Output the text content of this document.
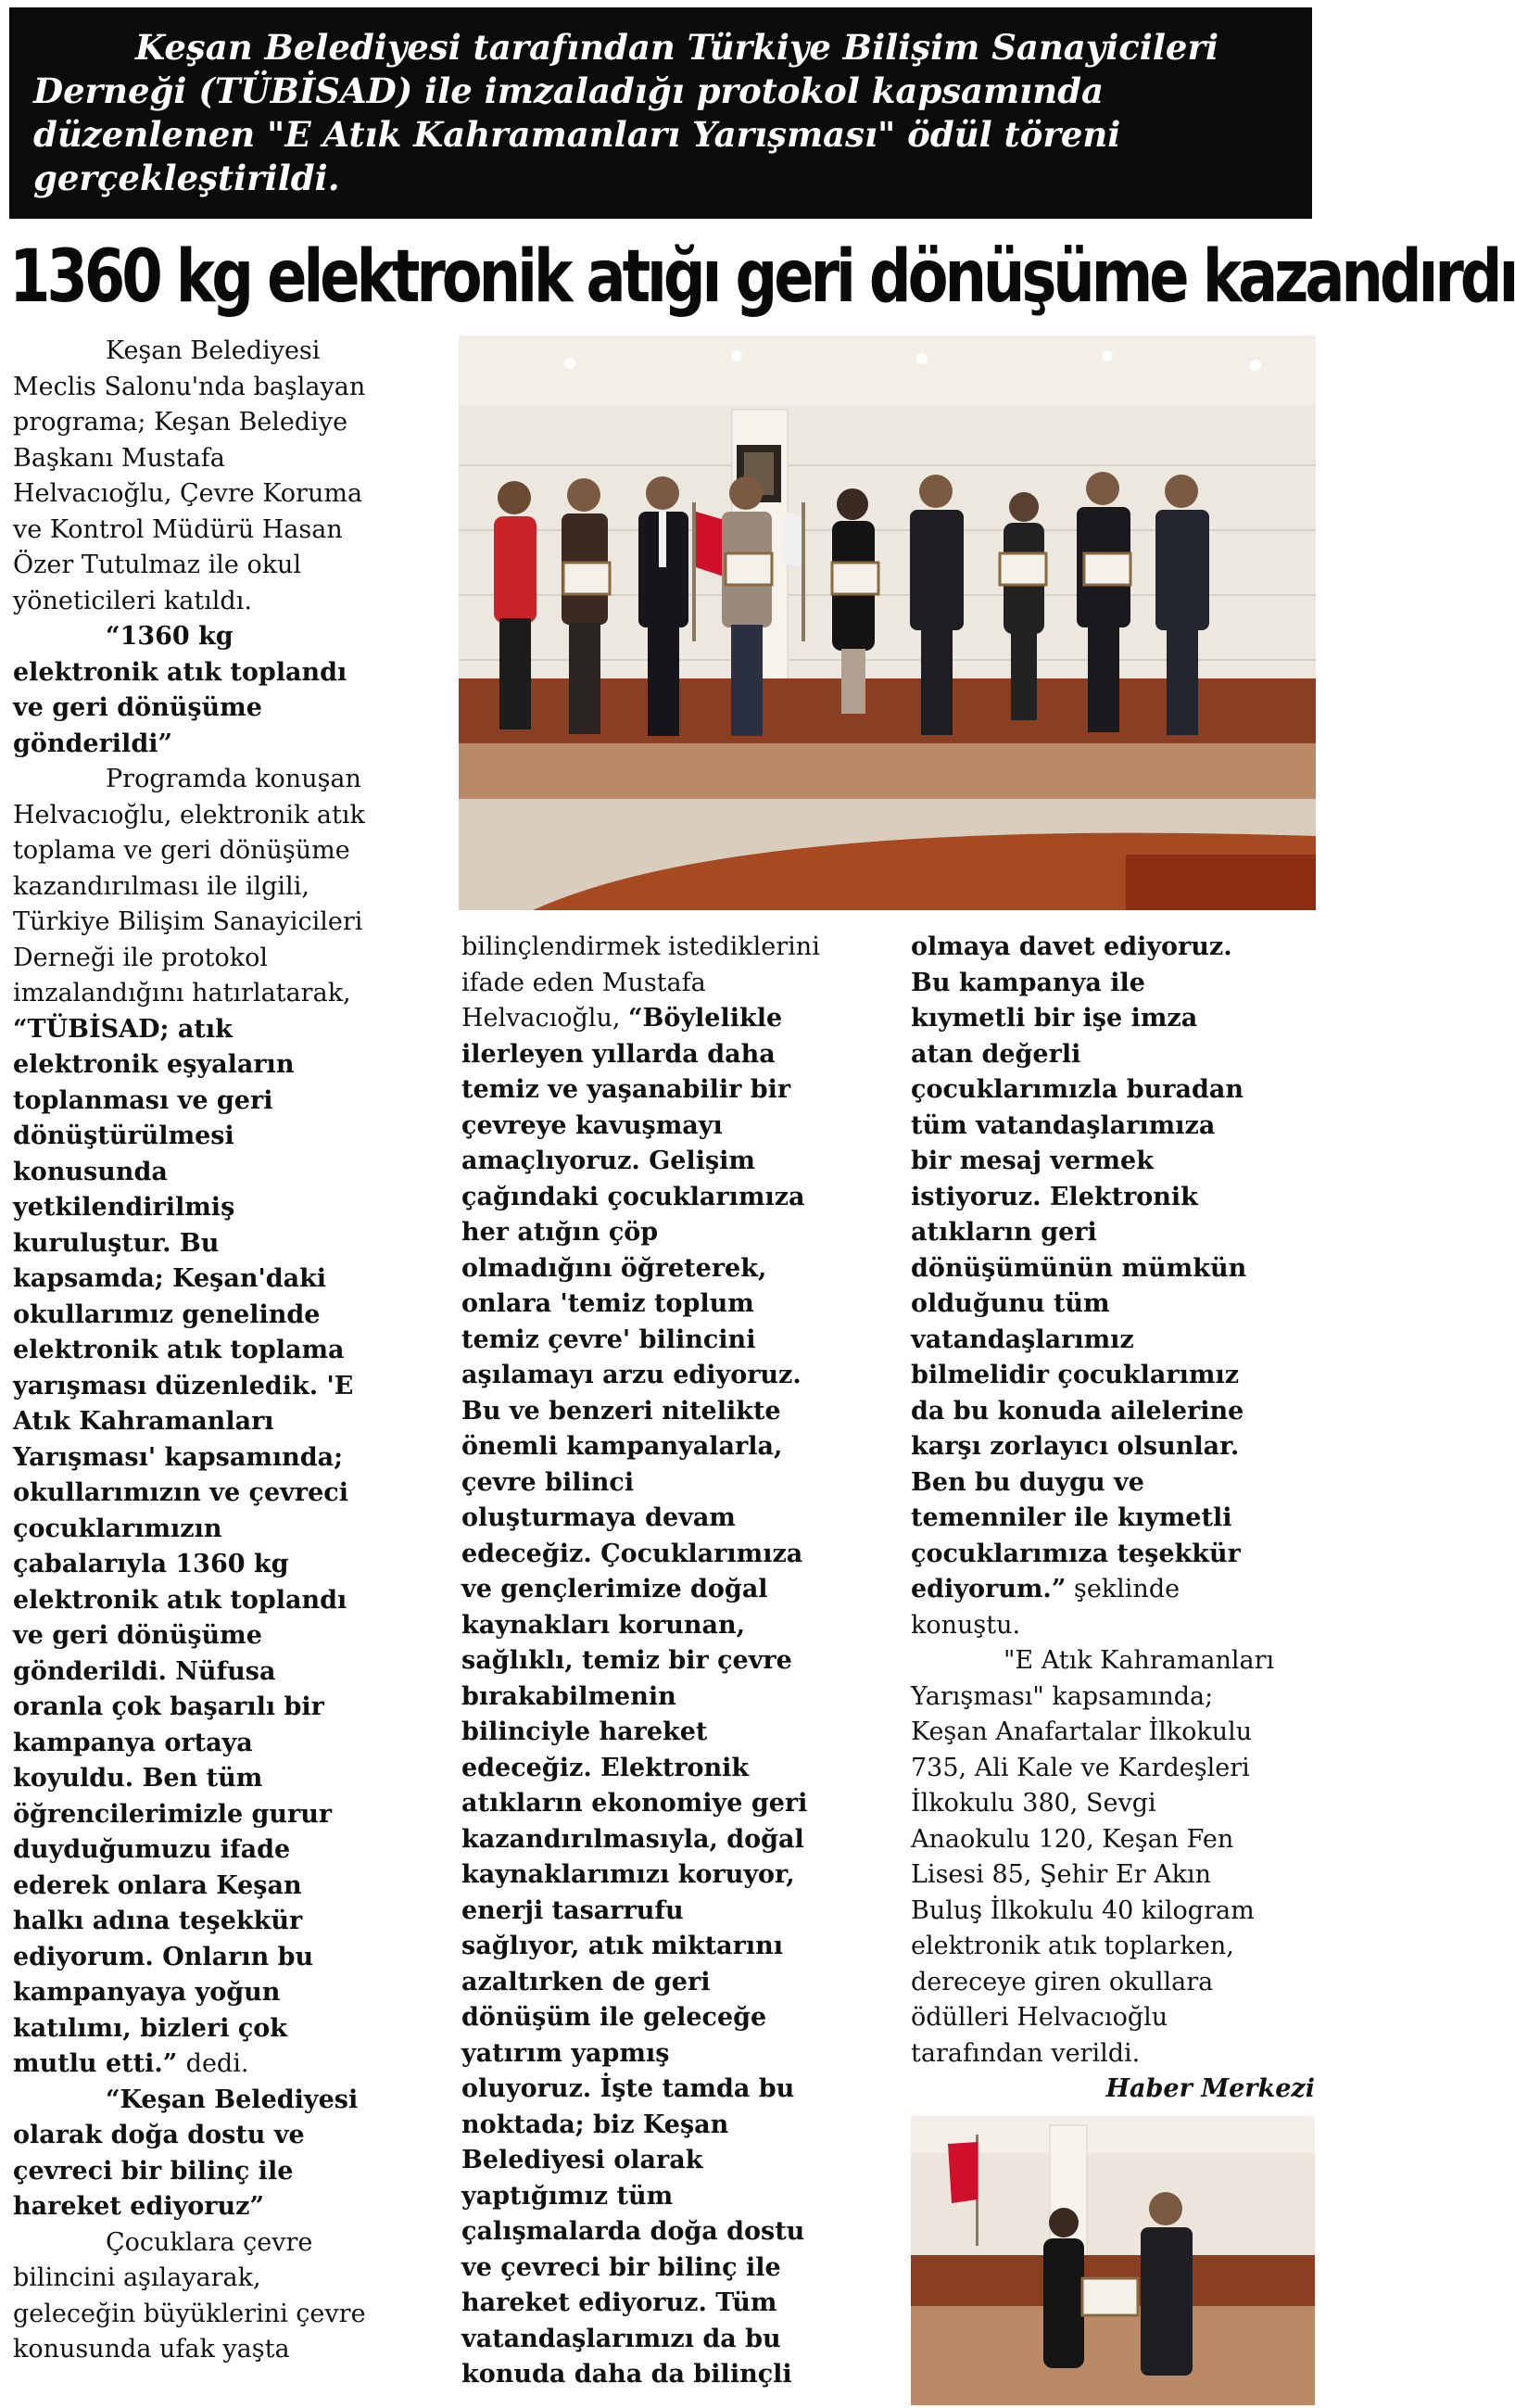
Keşan Belediyesi tarafından Türkiye Bilişim Sanayicileri
Derneği (TÜBİSAD) ile imzaladığı protokol kapsamında
düzenlenen "E Atık Kahramanları Yarışması" ödül töreni
gerçekleştirildi.
1360 kg elektronik atığı geri dönüşüme kazandırdı

Keşan Belediyesi

Meclis Salonu'nda başlayan

programa; Keşan Belediye

Başkanı Mustafa

Helvacıoğlu, Çevre Koruma

ve Kontrol Müdürü Hasan

Özer Tutulmaz ile okul

yöneticileri katıldı.

“1360 kg

elektronik atık toplandı

ve geri dönüşüme

gönderildi”

Programda konuşan

Helvacıoğlu, elektronik atık

toplama ve geri dönüşüme

kazandırılması ile ilgili,

Türkiye Bilişim Sanayicileri

Derneği ile protokol

imzalandığını hatırlatarak,

“TÜBİSAD; atık

elektronik eşyaların

toplanması ve geri

dönüştürülmesi

konusunda

yetkilendirilmiş

kuruluştur. Bu

kapsamda; Keşan'daki

okullarımız genelinde

elektronik atık toplama

yarışması düzenledik. 'E

Atık Kahramanları

Yarışması' kapsamında;

okullarımızın ve çevreci

çocuklarımızın

çabalarıyla 1360 kg

elektronik atık toplandı

ve geri dönüşüme

gönderildi. Nüfusa

oranla çok başarılı bir

kampanya ortaya

koyuldu. Ben tüm

öğrencilerimizle gurur

duyduğumuzu ifade

ederek onlara Keşan

halkı adına teşekkür

ediyorum. Onların bu

kampanyaya yoğun

katılımı, bizleri çok

mutlu etti.” dedi.

“Keşan Belediyesi

olarak doğa dostu ve

çevreci bir bilinç ile

hareket ediyoruz”

Çocuklara çevre

bilincini aşılayarak,

geleceğin büyüklerini çevre

konusunda ufak yaşta

bilinçlendirmek istediklerini

ifade eden Mustafa

Helvacıoğlu, “Böylelikle

ilerleyen yıllarda daha

temiz ve yaşanabilir bir

çevreye kavuşmayı

amaçlıyoruz. Gelişim

çağındaki çocuklarımıza

her atığın çöp

olmadığını öğreterek,

onlara 'temiz toplum

temiz çevre' bilincini

aşılamayı arzu ediyoruz.

Bu ve benzeri nitelikte

önemli kampanyalarla,

çevre bilinci

oluşturmaya devam

edeceğiz. Çocuklarımıza

ve gençlerimize doğal

kaynakları korunan,

sağlıklı, temiz bir çevre

bırakabilmenin

bilinciyle hareket

edeceğiz. Elektronik

atıkların ekonomiye geri

kazandırılmasıyla, doğal

kaynaklarımızı koruyor,

enerji tasarrufu

sağlıyor, atık miktarını

azaltırken de geri

dönüşüm ile geleceğe

yatırım yapmış

oluyoruz. İşte tamda bu

noktada; biz Keşan

Belediyesi olarak

yaptığımız tüm

çalışmalarda doğa dostu

ve çevreci bir bilinç ile

hareket ediyoruz. Tüm

vatandaşlarımızı da bu

konuda daha da bilinçli

olmaya davet ediyoruz.

Bu kampanya ile

kıymetli bir işe imza

atan değerli

çocuklarımızla buradan

tüm vatandaşlarımıza

bir mesaj vermek

istiyoruz. Elektronik

atıkların geri

dönüşümünün mümkün

olduğunu tüm

vatandaşlarımız

bilmelidir çocuklarımız

da bu konuda ailelerine

karşı zorlayıcı olsunlar.

Ben bu duygu ve

temenniler ile kıymetli

çocuklarımıza teşekkür

ediyorum.” şeklinde

konuştu.

"E Atık Kahramanları

Yarışması" kapsamında;

Keşan Anafartalar İlkokulu

735, Ali Kale ve Kardeşleri

İlkokulu 380, Sevgi

Anaokulu 120, Keşan Fen

Lisesi 85, Şehir Er Akın

Buluş İlkokulu 40 kilogram

elektronik atık toplarken,

dereceye giren okullara

ödülleri Helvacıoğlu

tarafından verildi.

Haber Merkezi
